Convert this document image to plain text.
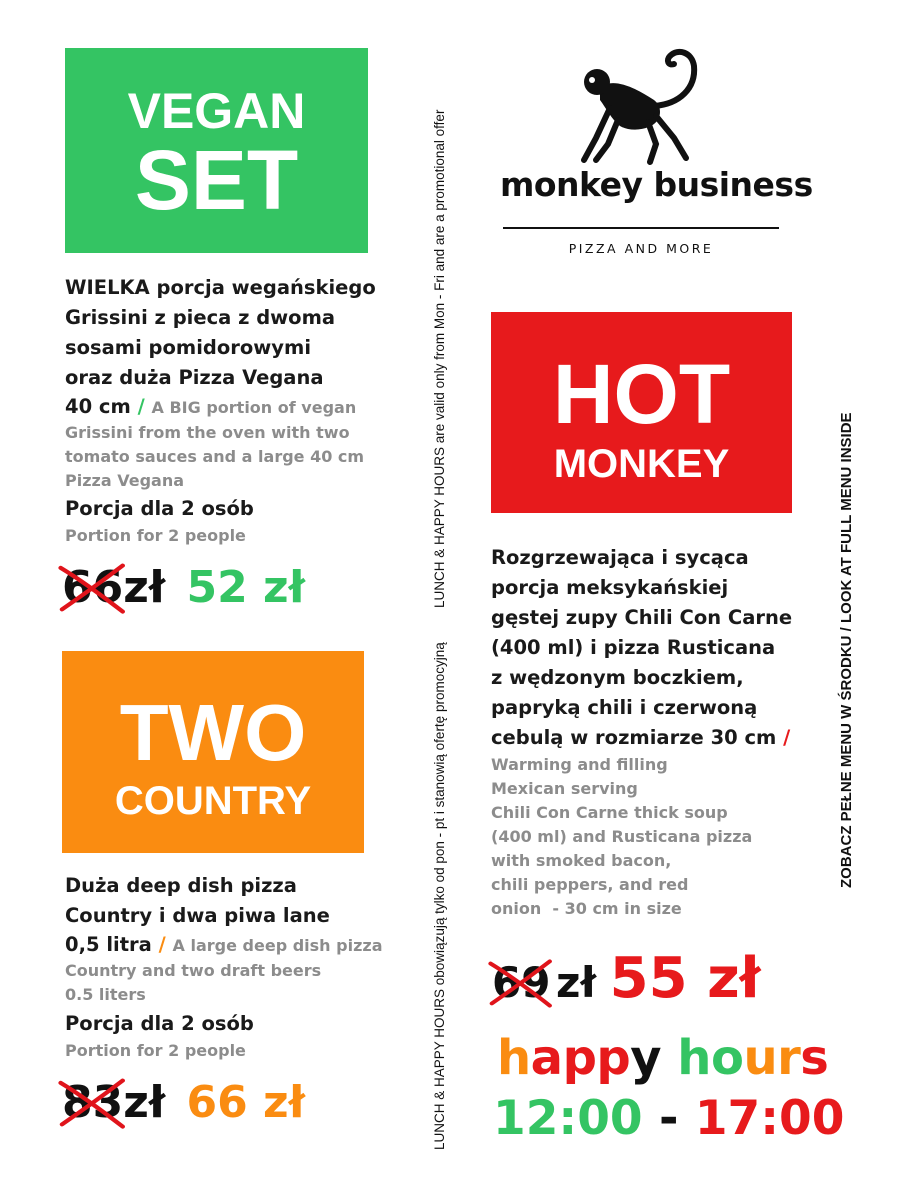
VEGAN
SET
WIELKA porcja wegańskiego
Grissini z pieca z dwoma
sosami pomidorowymi
oraz duża Pizza Vegana
40 cm / A BIG portion of vegan
Grissini from the oven with two
tomato sauces and a large 40 cm
Pizza Vegana
Porcja dla 2 osób
Portion for 2 people
66
zł 52 zł
TWO
COUNTRY
Duża deep dish pizza
Country i dwa piwa lane
0,5 litra / A large deep dish pizza
Country and two draft beers
0.5 liters
Porcja dla 2 osób
Portion for 2 people
83
zł 66 zł
LUNCH & HAPPY HOURS are valid only from Mon - Fri and are a promotional offer
LUNCH & HAPPY HOURS obowiązują tylko od pon - pt i stanowią ofertę promocyjną	ZOBACZ PEŁNE MENU W ŚRODKU / LOOK AT FULL MENU INSIDE
monkey business
PIZZA AND MORE
HOT
MONKEY
Rozgrzewająca i sycąca
porcja meksykańskiej
gęstej zupy Chili Con Carne
(400 ml) i pizza Rusticana
z wędzonym boczkiem,
papryką chili i czerwoną
cebulą w rozmiarze 30 cm /
Warming and filling
Mexican serving
Chili Con Carne thick soup
(400 ml) and Rusticana pizza
with smoked bacon,
chili peppers, and red
onion  - 30 cm in size
69 zł 55 zł
happy hours
12:00 - 17:00
